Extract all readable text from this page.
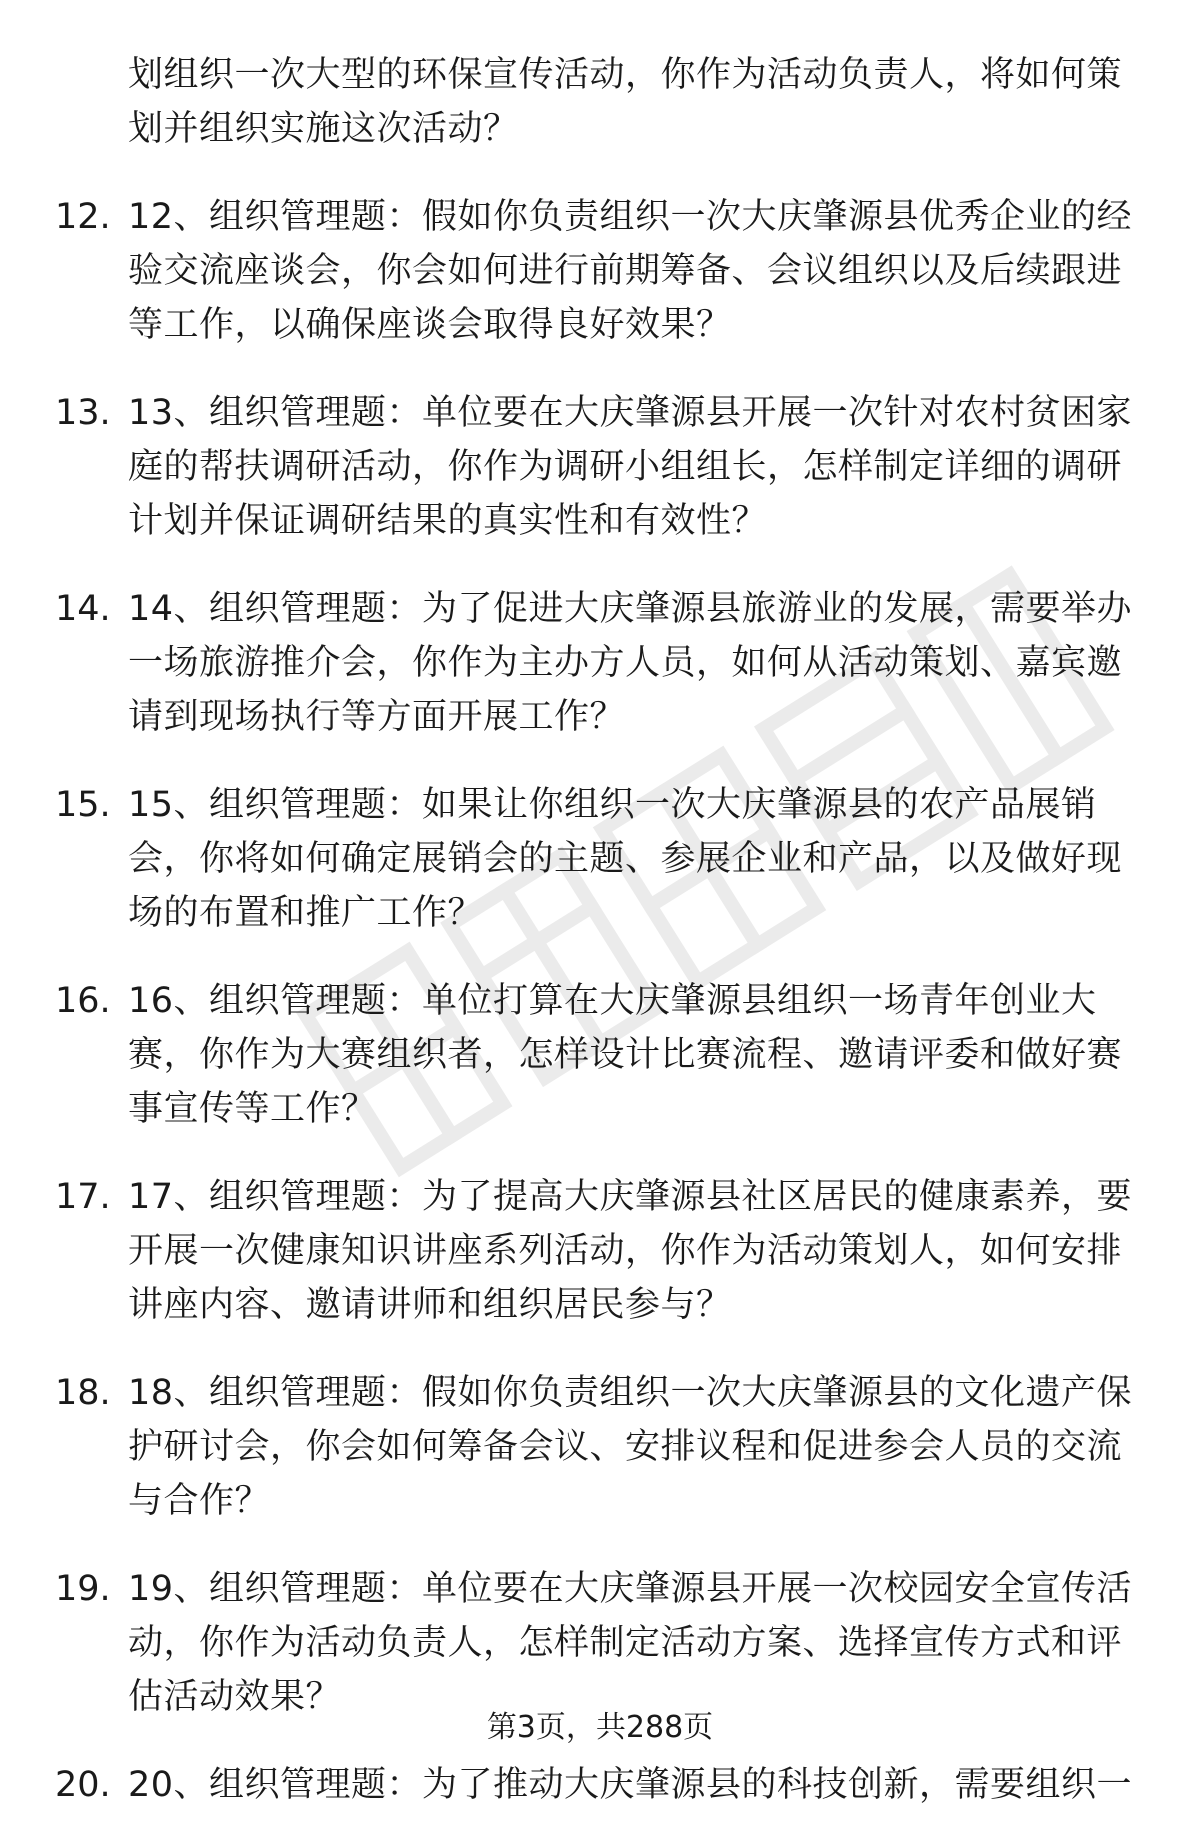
划组织一次大型的环保宣传活动，你作为活动负责人，将如何策划并组织实施这次活动？
12. 12、组织管理题：假如你负责组织一次大庆肇源县优秀企业的经验交流座谈会，你会如何进行前期筹备、会议组织以及后续跟进等工作，以确保座谈会取得良好效果？
13. 13、组织管理题：单位要在大庆肇源县开展一次针对农村贫困家庭的帮扶调研活动，你作为调研小组组长，怎样制定详细的调研计划并保证调研结果的真实性和有效性？
14. 14、组织管理题：为了促进大庆肇源县旅游业的发展，需要举办一场旅游推介会，你作为主办方人员，如何从活动策划、嘉宾邀请到现场执行等方面开展工作？
15. 15、组织管理题：如果让你组织一次大庆肇源县的农产品展销会，你将如何确定展销会的主题、参展企业和产品，以及做好现场的布置和推广工作？
16. 16、组织管理题：单位打算在大庆肇源县组织一场青年创业大赛，你作为大赛组织者，怎样设计比赛流程、邀请评委和做好赛事宣传等工作？
17. 17、组织管理题：为了提高大庆肇源县社区居民的健康素养，要开展一次健康知识讲座系列活动，你作为活动策划人，如何安排讲座内容、邀请讲师和组织居民参与？
18. 18、组织管理题：假如你负责组织一次大庆肇源县的文化遗产保护研讨会，你会如何筹备会议、安排议程和促进参会人员的交流与合作？
19. 19、组织管理题：单位要在大庆肇源县开展一次校园安全宣传活动，你作为活动负责人，怎样制定活动方案、选择宣传方式和评估活动效果？
20. 20、组织管理题：为了推动大庆肇源县的科技创新，需要组织一
第3页，共288页
